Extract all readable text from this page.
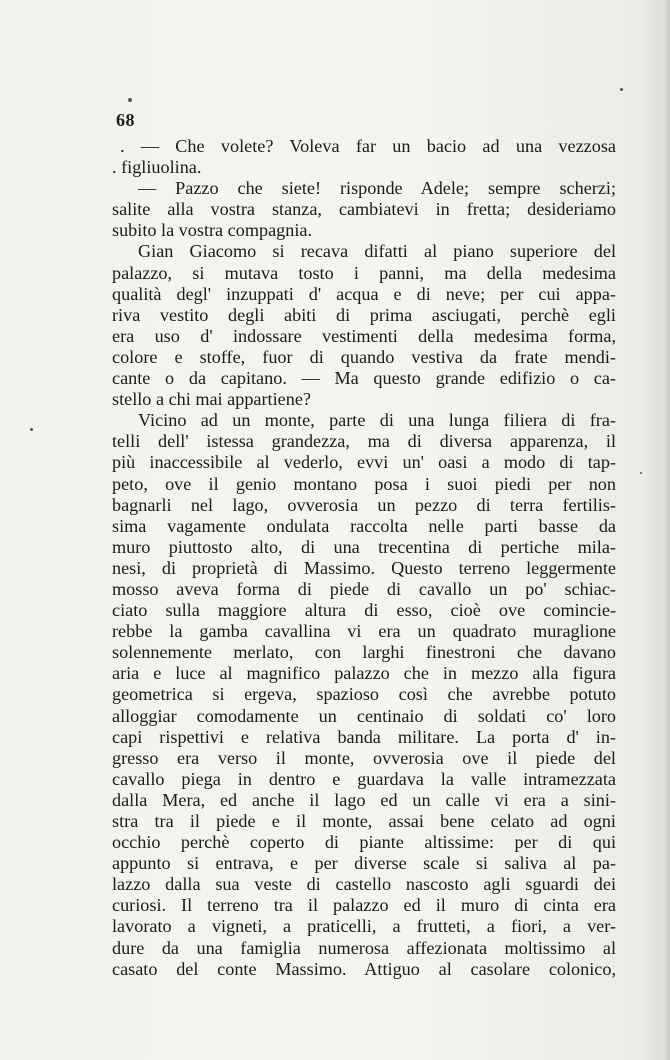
68
. — Che volete? Voleva far un bacio ad una vezzosa
. figliuolina.
— Pazzo che siete! risponde Adele; sempre scherzi;
salite alla vostra stanza, cambiatevi in fretta; desideriamo
subito la vostra compagnia.
Gian Giacomo si recava difatti al piano superiore del
palazzo, si mutava tosto i panni, ma della medesima
qualità degl' inzuppati d' acqua e di neve; per cui appa-
riva vestito degli abiti di prima asciugati, perchè egli
era uso d' indossare vestimenti della medesima forma,
colore e stoffe, fuor di quando vestiva da frate mendi-
cante o da capitano. — Ma questo grande edifizio o ca-
stello a chi mai appartiene?
Vicino ad un monte, parte di una lunga filiera di fra-
telli dell' istessa grandezza, ma di diversa apparenza, il
più inaccessibile al vederlo, evvi un' oasi a modo di tap-
peto, ove il genio montano posa i suoi piedi per non
bagnarli nel lago, ovverosia un pezzo di terra fertilis-
sima vagamente ondulata raccolta nelle parti basse da
muro piuttosto alto, di una trecentina di pertiche mila-
nesi, di proprietà di Massimo. Questo terreno leggermente
mosso aveva forma di piede di cavallo un po' schiac-
ciato sulla maggiore altura di esso, cioè ove comincie-
rebbe la gamba cavallina vi era un quadrato muraglione
solennemente merlato, con larghi finestroni che davano
aria e luce al magnifico palazzo che in mezzo alla figura
geometrica si ergeva, spazioso così che avrebbe potuto
alloggiar comodamente un centinaio di soldati co' loro
capi rispettivi e relativa banda militare. La porta d' in-
gresso era verso il monte, ovverosia ove il piede del
cavallo piega in dentro e guardava la valle intramezzata
dalla Mera, ed anche il lago ed un calle vi era a sini-
stra tra il piede e il monte, assai bene celato ad ogni
occhio perchè coperto di piante altissime: per di qui
appunto si entrava, e per diverse scale si saliva al pa-
lazzo dalla sua veste di castello nascosto agli sguardi dei
curiosi. Il terreno tra il palazzo ed il muro di cinta era
lavorato a vigneti, a praticelli, a frutteti, a fiori, a ver-
dure da una famiglia numerosa affezionata moltissimo al
casato del conte Massimo. Attiguo al casolare colonico,
